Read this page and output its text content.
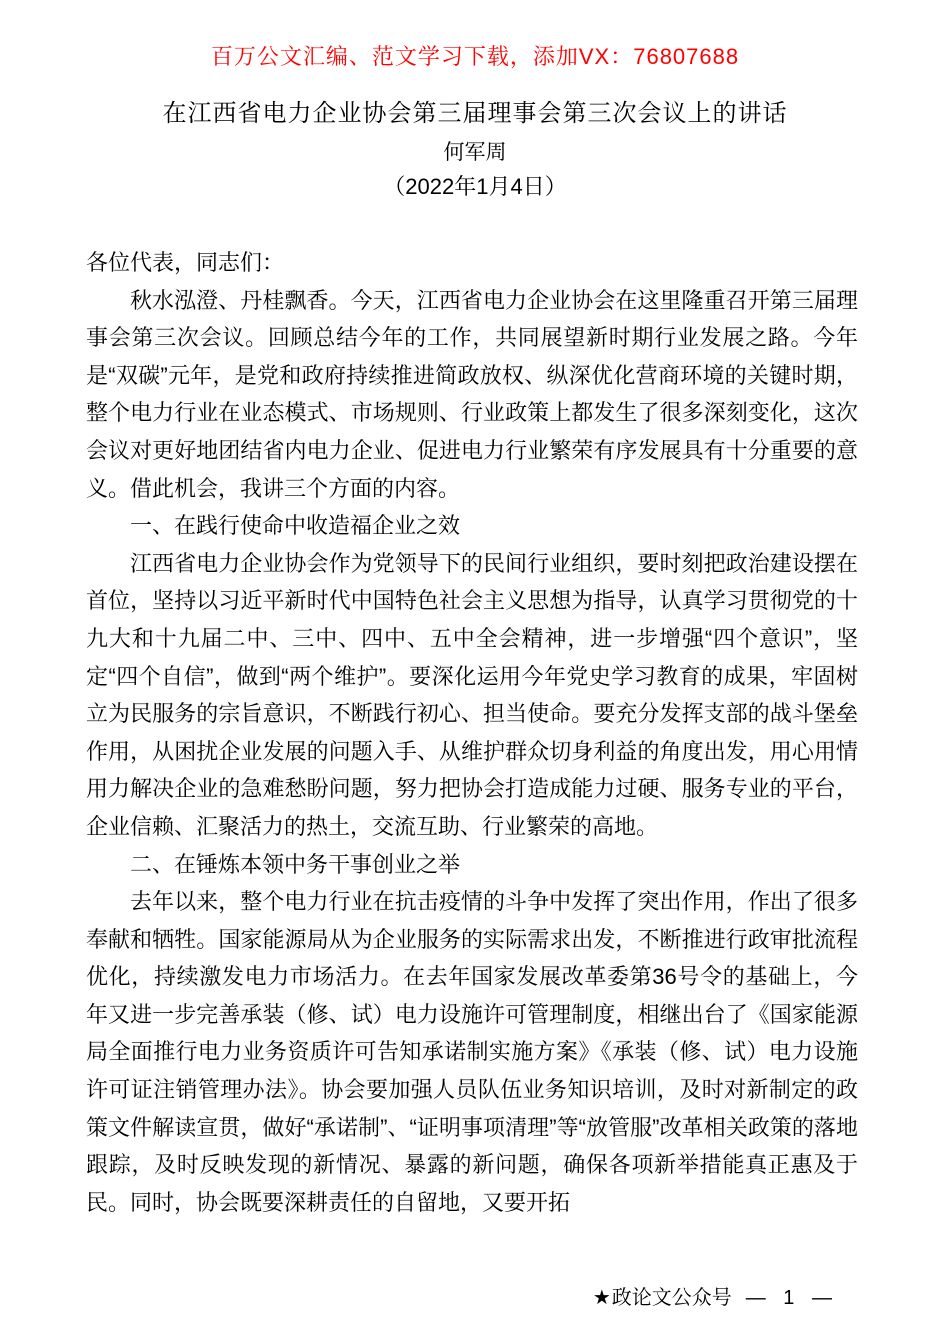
百万公文汇编、范文学习下载，添加VX：76807688
在江西省电力企业协会第三届理事会第三次会议上的讲话
何军周
（2022年1月4日）
各位代表，同志们：
秋水泓澄、丹桂飘香。今天，江西省电力企业协会在这里隆重召开第三届理事会第三次会议。回顾总结今年的工作，共同展望新时期行业发展之路。今年是“双碳”元年，是党和政府持续推进简政放权、纵深优化营商环境的关键时期，整个电力行业在业态模式、市场规则、行业政策上都发生了很多深刻变化，这次会议对更好地团结省内电力企业、促进电力行业繁荣有序发展具有十分重要的意义。借此机会，我讲三个方面的内容。
一、在践行使命中收造福企业之效
江西省电力企业协会作为党领导下的民间行业组织，要时刻把政治建设摆在首位，坚持以习近平新时代中国特色社会主义思想为指导，认真学习贯彻党的十九大和十九届二中、三中、四中、五中全会精神，进一步增强“四个意识”，坚定“四个自信”，做到“两个维护”。要深化运用今年党史学习教育的成果，牢固树立为民服务的宗旨意识，不断践行初心、担当使命。要充分发挥支部的战斗堡垒作用，从困扰企业发展的问题入手、从维护群众切身利益的角度出发，用心用情用力解决企业的急难愁盼问题，努力把协会打造成能力过硬、服务专业的平台，企业信赖、汇聚活力的热土，交流互助、行业繁荣的高地。
二、在锤炼本领中务干事创业之举
去年以来，整个电力行业在抗击疫情的斗争中发挥了突出作用，作出了很多奉献和牺牲。国家能源局从为企业服务的实际需求出发，不断推进行政审批流程优化，持续激发电力市场活力。在去年国家发展改革委第36号令的基础上，今年又进一步完善承装（修、试）电力设施许可管理制度，相继出台了《国家能源局全面推行电力业务资质许可告知承诺制实施方案》《承装（修、试）电力设施许可证注销管理办法》。协会要加强人员队伍业务知识培训，及时对新制定的政策文件解读宣贯，做好“承诺制”、“证明事项清理”等“放管服”改革相关政策的落地跟踪，及时反映发现的新情况、暴露的新问题，确保各项新举措能真正惠及于民。同时，协会既要深耕责任的自留地，又要开拓
★政论文公众号 — 1 —
